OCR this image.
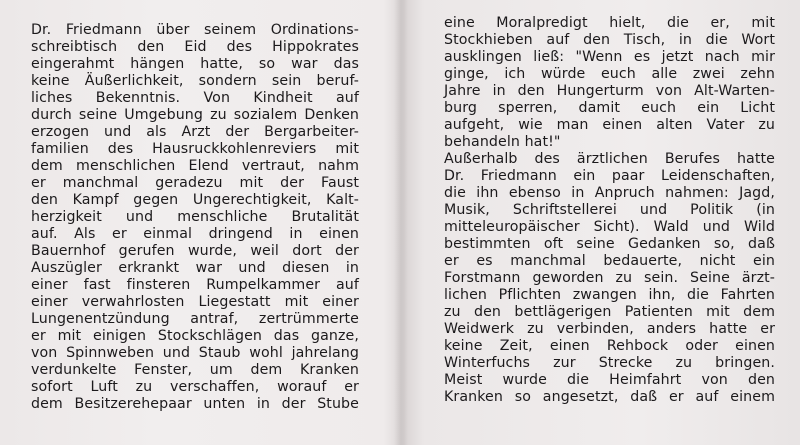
Dr. Friedmann über seinem Ordinations-

schreibtisch den Eid des Hippokrates

eingerahmt hängen hatte, so war das

keine Äußerlichkeit, sondern sein beruf-

liches Bekenntnis. Von Kindheit auf

durch seine Umgebung zu sozialem Denken

erzogen und als Arzt der Bergarbeiter-

familien des Hausruckkohlenreviers mit

dem menschlichen Elend vertraut, nahm

er manchmal geradezu mit der Faust

den Kampf gegen Ungerechtigkeit, Kalt-

herzigkeit und menschliche Brutalität

auf. Als er einmal dringend in einen

Bauernhof gerufen wurde, weil dort der

Auszügler erkrankt war und diesen in

einer fast finsteren Rumpelkammer auf

einer verwahrlosten Liegestatt mit einer

Lungenentzündung antraf, zertrümmerte

er mit einigen Stockschlägen das ganze,

von Spinnweben und Staub wohl jahrelang

verdunkelte Fenster, um dem Kranken

sofort Luft zu verschaffen, worauf er

dem Besitzerehepaar unten in der Stube

eine Moralpredigt hielt, die er, mit

Stockhieben auf den Tisch, in die Wort

ausklingen ließ: "Wenn es jetzt nach mir

ginge, ich würde euch alle zwei zehn

Jahre in den Hungerturm von Alt-Warten-

burg sperren, damit euch ein Licht

aufgeht, wie man einen alten Vater zu

behandeln hat!"

Außerhalb des ärztlichen Berufes hatte

Dr. Friedmann ein paar Leidenschaften,

die ihn ebenso in Anpruch nahmen: Jagd,

Musik, Schriftstellerei und Politik (in

mitteleuropäischer Sicht). Wald und Wild

bestimmten oft seine Gedanken so, daß

er es manchmal bedauerte, nicht ein

Forstmann geworden zu sein. Seine ärzt-

lichen Pflichten zwangen ihn, die Fahrten

zu den bettlägerigen Patienten mit dem

Weidwerk zu verbinden, anders hatte er

keine Zeit, einen Rehbock oder einen

Winterfuchs zur Strecke zu bringen.

Meist wurde die Heimfahrt von den

Kranken so angesetzt, daß er auf einem
